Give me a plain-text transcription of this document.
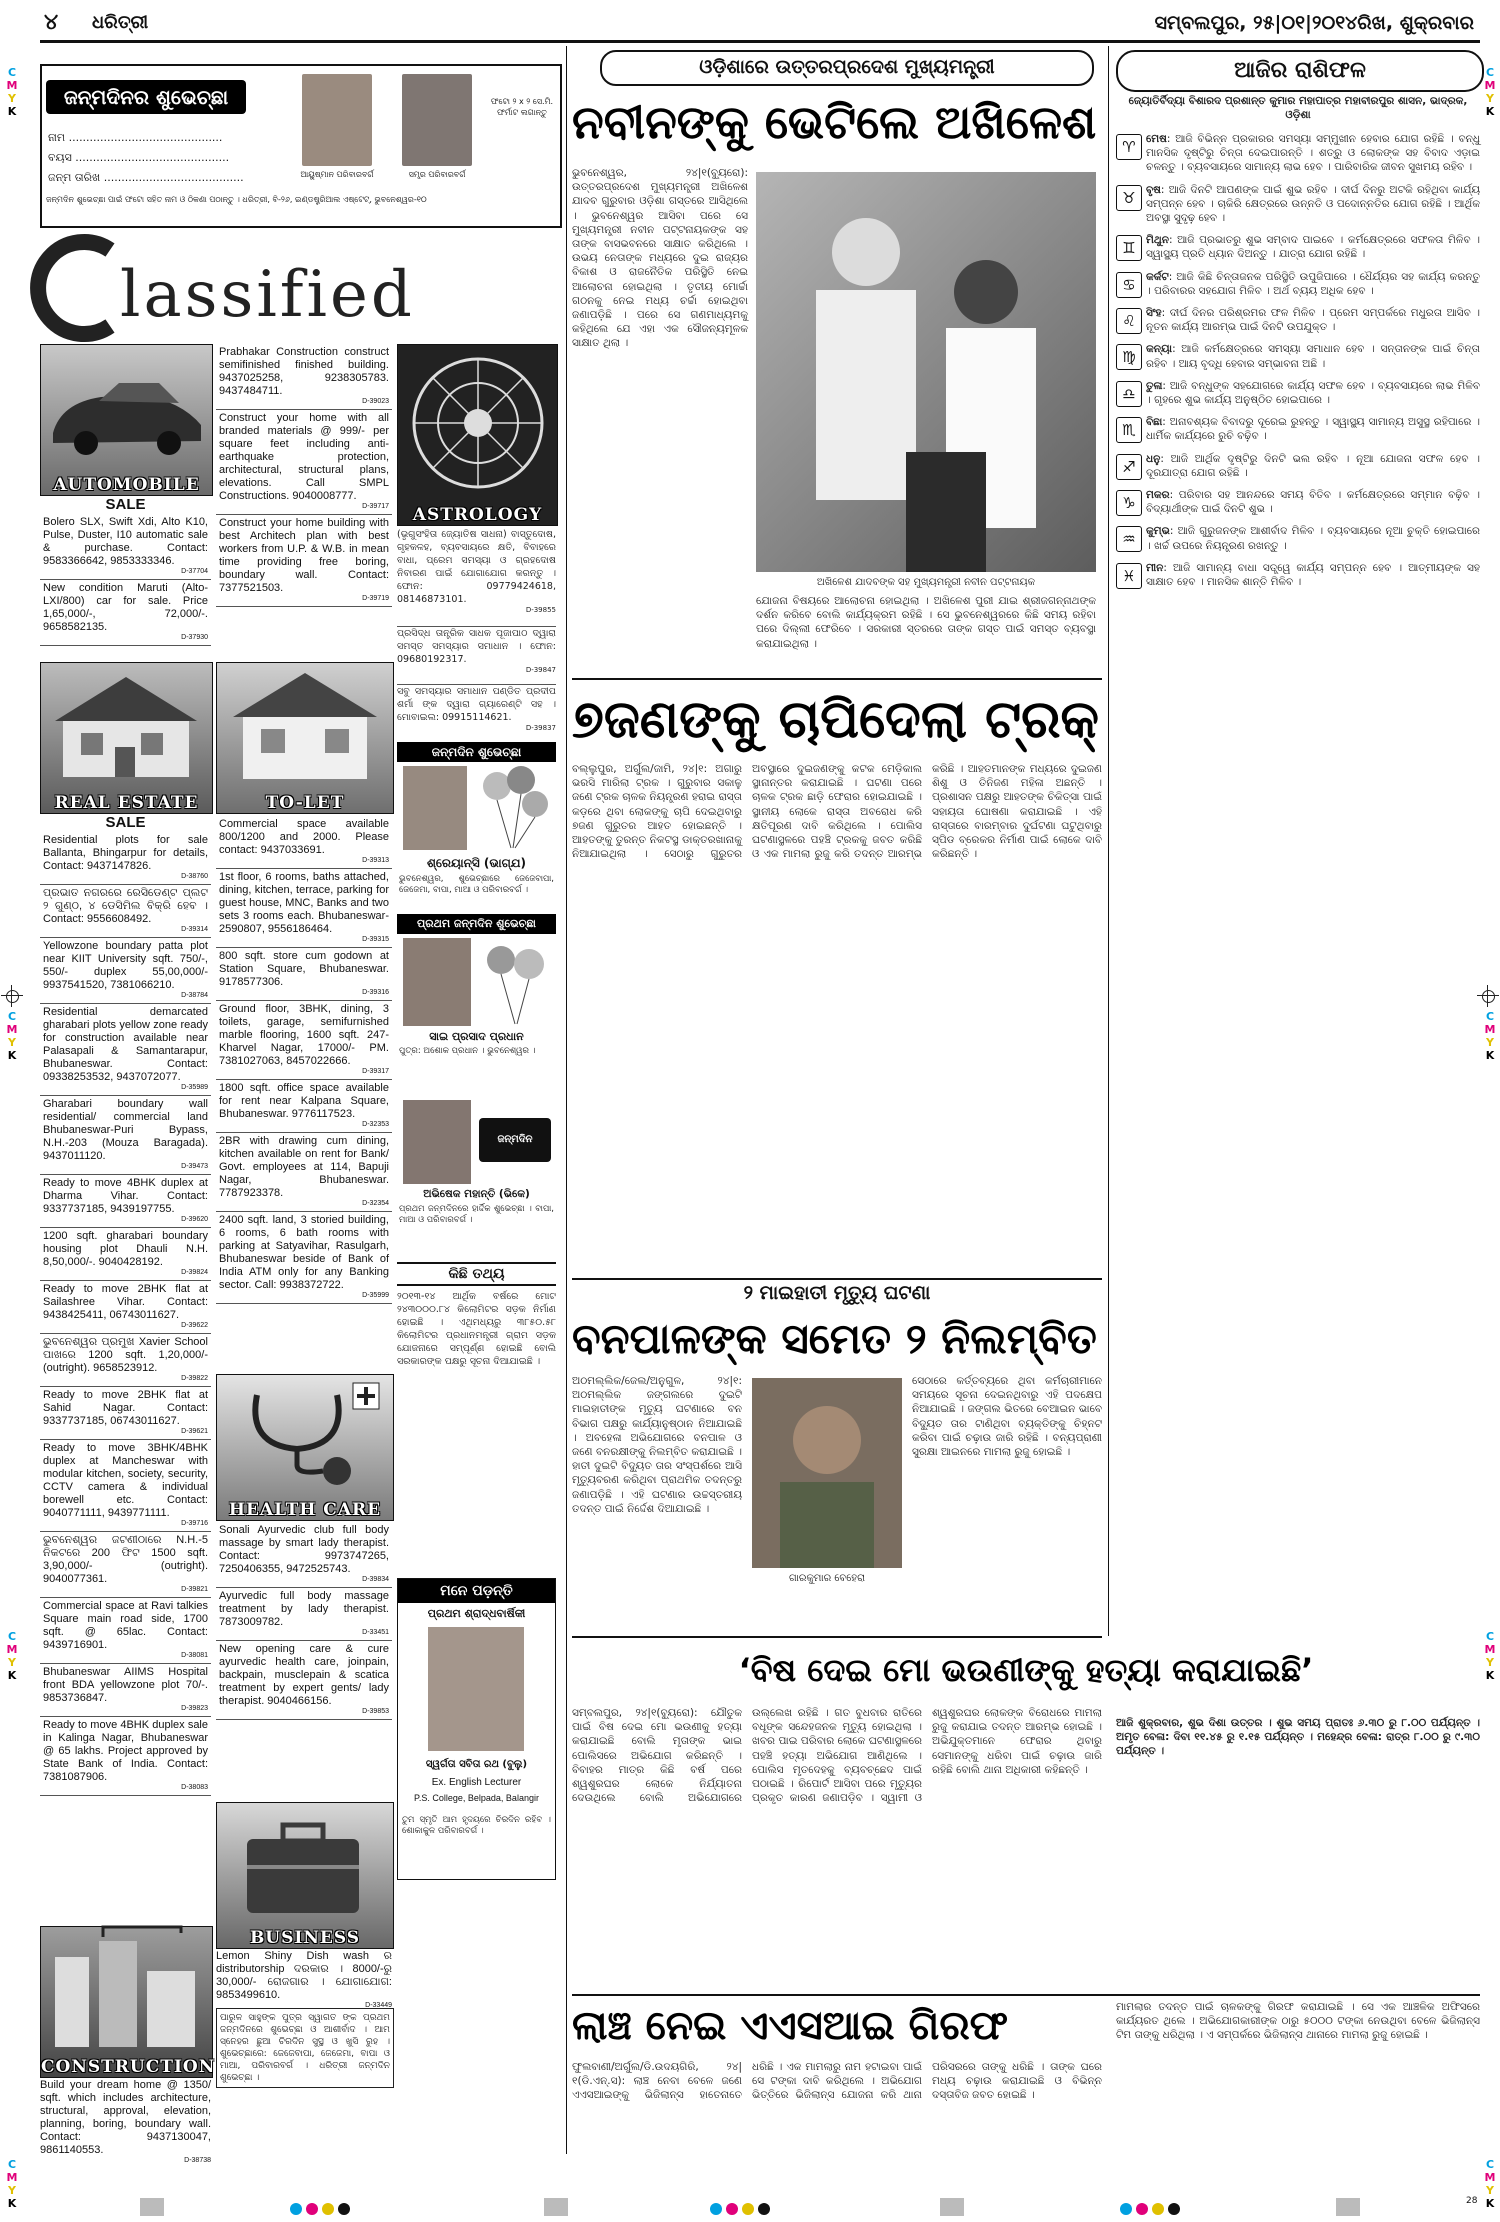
C
M
Y
K
C
M
Y
K
C
M
Y
K
C
M
Y
K
C
M
Y
K
C
M
Y
K
C
M
Y
K
C
M
Y
K
୪ ଧରିତ୍ରୀ	ସମ୍ବଲପୁର, ୨୫|୦୧|୨୦୧୪ରିଖ, ଶୁକ୍ରବାର
ଜନ୍ମଦିନର ଶୁଭେଚ୍ଛା
ନାମ ............................................
ବୟସ ............................................
ଜନ୍ମ ତାରିଖ ........................................	ଆୟୁଷ୍ମାନ ପରିବାରବର୍ଗ	ସମ୍ବ୍ର ପରିବାରବର୍ଗ
ଫଟୋ ୨ x ୨ ସେ.ମି. ଫର୍ମାଟ ଲଗାନ୍ତୁ
ଜନ୍ମଦିନ ଶୁଭେଚ୍ଛା ପାଇଁ ଫଟୋ ସହିତ ନାମ ଓ ଠିକଣା ପଠାନ୍ତୁ । ଧରିତ୍ରୀ, ବି-୨୬, ଇଣ୍ଡଷ୍ଟ୍ରିଆଲ ଏଷ୍ଟେଟ୍, ଭୁବନେଶ୍ୱର-୧୦
lassified
AUTOMOBILE
SALE
Bolero SLX, Swift Xdi, Alto K10, Pulse, Duster, I10 automatic sale & purchase. Contact: 9583366642, 9853333346.
D-37704
New condition Maruti (Alto-LXI/800) car for sale. Price 1,65,000/-, 72,000/-. 9658582135.
D-37930
REAL ESTATE
SALE
Residential plots for sale Ballanta, Bhingarpur for details, Contact: 9437147826.
D-38760
ପ୍ରଭାତ ନଗରରେ ରେସିଡେଣ୍ଟ ପ୍ଲଟ ୨ ଗୁଣ୍ଠ, ୪ ଡେସିମିଲ ବିକ୍ରି ହେବ । Contact: 9556608492.
D-39314
Yellowzone boundary patta plot near KIIT University sqft. 750/-, 550/- duplex 55,00,000/- 9937541520, 7381066210.
D-38784
Residential demarcated gharabari plots yellow zone ready for construction available near Palasapali & Samantarapur, Bhubaneswar. Contact: 09338253532, 9437072077.
D-35989
Gharabari boundary wall residential/ commercial land Bhubaneswar-Puri Bypass, N.H.-203 (Mouza Baragada). 9437011120.
D-39473
Ready to move 4BHK duplex at Dharma Vihar. Contact: 9337737185, 9439197755.
D-39620
1200 sqft. gharabari boundary housing plot Dhauli N.H. 8,50,000/-. 9040428192.
D-39824
Ready to move 2BHK flat at Sailashree Vihar. Contact: 9438425411, 06743011627.
D-39622
ଭୁବନେଶ୍ୱର ପ୍ରମୁଖ Xavier School ପାଖରେ 1200 sqft. 1,20,000/- (outright). 9658523912.
D-39822
Ready to move 2BHK flat at Sahid Nagar. Contact: 9337737185, 06743011627.
D-39621
Ready to move 3BHK/4BHK duplex at Mancheswar with modular kitchen, society, security, CCTV camera & individual borewell etc. Contact: 9040771111, 9439771111.
D-39716
ଭୁବନେଶ୍ୱର ଜଟଣୀଠାରେ N.H.-5 ନିକଟରେ 200 ଫିଟ 1500 sqft. 3,90,000/- (outright). 9040077361.
D-39821
Commercial space at Ravi talkies Square main road side, 1700 sqft. @ 65lac. Contact: 9439716901.
D-38081
Bhubaneswar AIIMS Hospital front BDA yellowzone plot 70/-. 9853736847.
D-39823
Ready to move 4BHK duplex sale in Kalinga Nagar, Bhubaneswar @ 65 lakhs. Project approved by State Bank of India. Contact: 7381087906.
D-38083
CONSTRUCTION
Build your dream home @ 1350/ sqft. which includes architecture, structural, approval, elevation, planning, boring, boundary wall. Contact: 9437130047, 9861140553.
D-38738
Prabhakar Construction construct semifinished finished building. 9437025258, 9238305783. 9437484711.
D-39023
Construct your home with all branded materials @ 999/- per square feet including anti- earthquake protection, architectural, structural plans, elevations. Call SMPL Constructions. 9040008777.
D-39717
Construct your home building with best Architech plan with best workers from U.P. & W.B. in mean time providing free boring, boundary wall. Contact: 7377521503.
D-39719
TO-LET
Commercial space available 800/1200 and 2000. Please contact: 9437033691.
D-39313
1st floor, 6 rooms, baths attached, dining, kitchen, terrace, parking for guest house, MNC, Banks and two sets 3 rooms each. Bhubaneswar-2590807, 9556186464.
D-39315
800 sqft. store cum godown at Station Square, Bhubaneswar. 9178577306.
D-39316
Ground floor, 3BHK, dining, 3 toilets, garage, semifurnished marble flooring, 1600 sqft. 247-Kharvel Nagar, 17000/- PM. 7381027063, 8457022666.
D-39317
1800 sqft. office space available for rent near Kalpana Square, Bhubaneswar. 9776117523.
D-32353
2BR with drawing cum dining, kitchen available on rent for Bank/ Govt. employees at 114, Bapuji Nagar, Bhubaneswar. 7787923378.
D-32354
2400 sqft. land, 3 storied building, 6 rooms, 6 bath rooms with parking at Satyavihar, Rasulgarh, Bhubaneswar beside of Bank of India ATM only for any Banking sector. Call: 9938372722.
D-35999
HEALTH CARE
Sonali Ayurvedic club full body massage by smart lady therapist. Contact: 9973747265, 7250406355, 9472525743.
D-39834
Ayurvedic full body massage treatment by lady therapist. 7873009782.
D-33451
New opening care & cure ayurvedic health care, joinpain, backpain, musclepain & scatica treatment by expert gents/ lady therapist. 9040466156.
D-39853
BUSINESS
Lemon Shiny Dish wash ର distributorship ଦରକାର । 8000/-ରୁ 30,000/- ରୋଜଗାର । ଯୋଗାଯୋଗ: 9853499610.
D-33449
ପାରୁଳ ସାହୁଙ୍କ ପୁତ୍ର ସ୍ୱାଗତ ଙ୍କ ପ୍ରଥମ ଜନ୍ମଦିନରେ ଶୁଭେଚ୍ଛା ଓ ଆଶୀର୍ବାଦ । ଆମ ସ୍ନେହର ଛୁଆ ଚିରଦିନ ସୁସ୍ଥ ଓ ଖୁସି ରୁହ । ଶୁଭେଚ୍ଛାରେ: ଜେଜେବାପା, ଜେଜେମା, ବାପା ଓ ମାଆ, ପରିବାରବର୍ଗ । ଧରିତ୍ରୀ ଜନ୍ମଦିନ ଶୁଭେଚ୍ଛା ।
ASTROLOGY
(ଭୃଗୁସଂହିତା ଜ୍ୟୋତିଷ ସାଧନା) ବାସ୍ତୁଦୋଷ, ଗୃହକଳହ, ବ୍ୟବସାୟରେ କ୍ଷତି, ବିବାହରେ ବାଧା, ପ୍ରେମ ସମସ୍ୟା ଓ ଗ୍ରହଦୋଷ ନିବାରଣ ପାଇଁ ଯୋଗାଯୋଗ କରନ୍ତୁ । ଫୋନ: 09779424618, 08146873101.
D-39855
ପ୍ରସିଦ୍ଧ ତାନ୍ତ୍ରିକ ସାଧକ ପୂଜାପାଠ ଦ୍ୱାରା ସମସ୍ତ ସମସ୍ୟାର ସମାଧାନ । ଫୋନ: 09680192317.
D-39847
ସବୁ ସମସ୍ୟାର ସମାଧାନ ପଣ୍ଡିତ ପ୍ରଦୀପ ଶର୍ମା ଙ୍କ ଦ୍ୱାରା ଗ୍ୟାରେଣ୍ଟି ସହ । ମୋବାଇଲ: 09915114621.
D-39837
ଜନ୍ମଦିନ ଶୁଭେଚ୍ଛା
ଶ୍ରେୟାନ୍ସି (ଭାଗ୍ଯ)
ଭୁବନେଶ୍ୱର, ଶୁଭେଚ୍ଛାରେ ଜେଜେବାପା, ଜେଜେମା, ବାପା, ମାଆ ଓ ପରିବାରବର୍ଗ ।
ପ୍ରଥମ ଜନ୍ମଦିନ ଶୁଭେଚ୍ଛା
ସାଇ ପ୍ରସାଦ ପ୍ରଧାନ
ପୁତ୍ର: ଅଶୋକ ପ୍ରଧାନ । ଭୁବନେଶ୍ୱର ।
ଜନ୍ମଦିନ ଶୁଭେଚ୍ଛା
ଅଭିଷେକ ମହାନ୍ତି (ଭିକେ)
ପ୍ରଥମ ଜନ୍ମଦିନରେ ହାର୍ଦ୍ଦିକ ଶୁଭେଚ୍ଛା । ବାପା, ମାଆ ଓ ପରିବାରବର୍ଗ ।
କିଛି ତଥ୍ୟ
୨୦୧୩-୧୪ ଆର୍ଥିକ ବର୍ଷରେ ମୋଟ ୨୪୩୦୦୦.୮୪ କିଲୋମିଟର ସଡ଼କ ନିର୍ମାଣ ହୋଇଛି । ଏଥିମଧ୍ୟରୁ ୩୮୫୦.୫୮ କିଲୋମିଟର ପ୍ରଧାନମନ୍ତ୍ରୀ ଗ୍ରାମ ସଡ଼କ ଯୋଜନାରେ ସମ୍ପୂର୍ଣ୍ଣ ହୋଇଛି ବୋଲି ସରକାରଙ୍କ ପକ୍ଷରୁ ସୂଚନା ଦିଆଯାଇଛି ।
ମନେ ପଡ଼ନ୍ତି
ପ୍ରଥମ ଶ୍ରାଦ୍ଧବାର୍ଷିକୀ
ସ୍ୱର୍ଗତା ସବିତା ରଥ (ବୁଲୁ)
Ex. English Lecturer
P.S. College, Belpada, Balangir
ତୁମ ସ୍ମୃତି ଆମ ହୃଦୟରେ ଚିରଦିନ ରହିବ । ଶୋକାକୁଳ ପରିବାରବର୍ଗ ।
ଓଡ଼ିଶାରେ ଉତ୍ତରପ୍ରଦେଶ ମୁଖ୍ୟମନ୍ତ୍ରୀ
ନବୀନଙ୍କୁ ଭେଟିଲେ ଅଖିଳେଶ
ଭୁବନେଶ୍ୱର, ୨୪|୧(ବ୍ୟୁରୋ): ଉତ୍ତରପ୍ରଦେଶ ମୁଖ୍ୟମନ୍ତ୍ରୀ ଅଖିଳେଶ ଯାଦବ ଗୁରୁବାର ଓଡ଼ିଶା ଗସ୍ତରେ ଆସିଥିଲେ । ଭୁବନେଶ୍ୱର ଆସିବା ପରେ ସେ ମୁଖ୍ୟମନ୍ତ୍ରୀ ନବୀନ ପଟ୍ଟନାୟକଙ୍କ ସହ ତାଙ୍କ ବାସଭବନରେ ସାକ୍ଷାତ କରିଥିଲେ । ଉଭୟ ନେତାଙ୍କ ମଧ୍ୟରେ ଦୁଇ ରାଜ୍ୟର ବିକାଶ ଓ ରାଜନୈତିକ ପରିସ୍ଥିତି ନେଇ ଆଲୋଚନା ହୋଇଥିଲା । ତୃତୀୟ ମୋର୍ଚ୍ଚା ଗଠନକୁ ନେଇ ମଧ୍ୟ ଚର୍ଚ୍ଚା ହୋଇଥିବା ଜଣାପଡ଼ିଛି । ପରେ ସେ ଗଣମାଧ୍ୟମକୁ କହିଥିଲେ ଯେ ଏହା ଏକ ସୌଜନ୍ୟମୂଳକ ସାକ୍ଷାତ ଥିଲା ।
ଅଖିଳେଶ ଯାଦବଙ୍କ ସହ ମୁଖ୍ୟମନ୍ତ୍ରୀ ନବୀନ ପଟ୍ଟନାୟକ
ଯୋଜନା ବିଷୟରେ ଆଲୋଚନା ହୋଇଥିଲା । ଅଖିଳେଶ ପୁରୀ ଯାଇ ଶ୍ରୀଜଗନ୍ନାଥଙ୍କ ଦର୍ଶନ କରିବେ ବୋଲି କାର୍ଯ୍ୟକ୍ରମ ରହିଛି । ସେ ଭୁବନେଶ୍ୱରରେ କିଛି ସମୟ ରହିବା ପରେ ଦିଲ୍ଲୀ ଫେରିବେ । ସରକାରୀ ସ୍ତରରେ ତାଙ୍କ ଗସ୍ତ ପାଇଁ ସମସ୍ତ ବ୍ୟବସ୍ଥା କରାଯାଇଥିଲା ।
୭ଜଣଙ୍କୁ ଚାପିଦେଲା ଟ୍ରକ୍
ବଲ୍ଲୁପୁର, ଅର୍ଗୁଲ/ଜାମି, ୨୪|୧: ଅଗାରୁ ଭରସି ମାରିଲା ଟ୍ରକ । ଗୁରୁବାର ସକାଳୁ ଜଣେ ଟ୍ରକ ଚାଳକ ନିୟନ୍ତ୍ରଣ ହରାଇ ରାସ୍ତା କଡ଼ରେ ଥିବା ଲୋକଙ୍କୁ ଚାପି ଦେଇଥିବାରୁ ୭ଜଣ ଗୁରୁତର ଆହତ ହୋଇଛନ୍ତି । ଆହତଙ୍କୁ ତୁରନ୍ତ ନିକଟସ୍ଥ ଡାକ୍ତରଖାନାକୁ ନିଆଯାଇଥିଲା । ସେଠାରୁ ଗୁରୁତର ଅବସ୍ଥାରେ ଦୁଇଜଣଙ୍କୁ କଟକ ମେଡ଼ିକାଲ ସ୍ଥାନାନ୍ତର କରାଯାଇଛି । ଘଟଣା ପରେ ଚାଳକ ଟ୍ରକ ଛାଡ଼ି ଫେରାର ହୋଇଯାଇଛି । ସ୍ଥାନୀୟ ଲୋକେ ରାସ୍ତା ଅବରୋଧ କରି କ୍ଷତିପୂରଣ ଦାବି କରିଥିଲେ । ପୋଲିସ ଘଟଣାସ୍ଥଳରେ ପହଞ୍ଚି ଟ୍ରକକୁ ଜବତ କରିଛି ଓ ଏକ ମାମଲା ରୁଜୁ କରି ତଦନ୍ତ ଆରମ୍ଭ କରିଛି । ଆହତମାନଙ୍କ ମଧ୍ୟରେ ଦୁଇଜଣ ଶିଶୁ ଓ ତିନିଜଣ ମହିଳା ଅଛନ୍ତି । ପ୍ରଶାସନ ପକ୍ଷରୁ ଆହତଙ୍କ ଚିକିତ୍ସା ପାଇଁ ସହାୟତା ଘୋଷଣା କରାଯାଇଛି । ଏହି ରାସ୍ତାରେ ବାରମ୍ବାର ଦୁର୍ଘଟଣା ଘଟୁଥିବାରୁ ସ୍ପିଡ ବ୍ରେକର ନିର୍ମାଣ ପାଇଁ ଲୋକେ ଦାବି କରିଛନ୍ତି ।
୨ ମାଇହାତୀ ମୃତ୍ୟୁ ଘଟଣା
ବନପାଳଙ୍କ ସମେତ ୨ ନିଲମ୍ବିତ
ଅଠମଲ୍ଲିକ/ଜେଲ/ଅନୁଗୁଳ, ୨୪|୧: ଅଠମଲ୍ଲିକ ଜଙ୍ଗଲରେ ଦୁଇଟି ମାଇହାତୀଙ୍କ ମୃତ୍ୟୁ ଘଟଣାରେ ବନ ବିଭାଗ ପକ୍ଷରୁ କାର୍ଯ୍ୟାନୁଷ୍ଠାନ ନିଆଯାଇଛି । ଅବହେଳା ଅଭିଯୋଗରେ ବନପାଳ ଓ ଜଣେ ବନରକ୍ଷୀଙ୍କୁ ନିଲମ୍ବିତ କରାଯାଇଛି । ହାତୀ ଦୁଇଟି ବିଦ୍ୟୁତ ତାର ସଂସ୍ପର୍ଶରେ ଆସି ମୃତ୍ୟୁବରଣ କରିଥିବା ପ୍ରାଥମିକ ତଦନ୍ତରୁ ଜଣାପଡ଼ିଛି । ଏହି ଘଟଣାର ଉଚ୍ଚସ୍ତରୀୟ ତଦନ୍ତ ପାଇଁ ନିର୍ଦ୍ଦେଶ ଦିଆଯାଇଛି ।
ଗାରକୁମାର ବେହେରା
ସେଠାରେ କର୍ତ୍ତବ୍ୟରେ ଥିବା କର୍ମଚାରୀମାନେ ସମୟରେ ସୂଚନା ଦେଇନଥିବାରୁ ଏହି ପଦକ୍ଷେପ ନିଆଯାଇଛି । ଜଙ୍ଗଲ ଭିତରେ ବେଆଇନ ଭାବେ ବିଦ୍ୟୁତ ତାର ଟାଣିଥିବା ବ୍ୟକ୍ତିଙ୍କୁ ଚିହ୍ନଟ କରିବା ପାଇଁ ଚଢ଼ାଉ ଜାରି ରହିଛି । ବନ୍ୟପ୍ରାଣୀ ସୁରକ୍ଷା ଆଇନରେ ମାମଲା ରୁଜୁ ହୋଇଛି ।
‘ବିଷ ଦେଇ ମୋ ଭଉଣୀଙ୍କୁ ହତ୍ୟା କରାଯାଇଛି’
ସମ୍ବଲପୁର, ୨୪|୧(ବ୍ୟୁରୋ): ଯୌତୁକ ପାଇଁ ବିଷ ଦେଇ ମୋ ଭଉଣୀକୁ ହତ୍ୟା କରାଯାଇଛି ବୋଲି ମୃତାଙ୍କ ଭାଇ ପୋଲିସରେ ଅଭିଯୋଗ କରିଛନ୍ତି । ବିବାହର ମାତ୍ର କିଛି ବର୍ଷ ପରେ ଶ୍ୱଶୁରଘର ଲୋକେ ନିର୍ଯ୍ୟାତନା ଦେଉଥିଲେ ବୋଲି ଅଭିଯୋଗରେ ଉଲ୍ଲେଖ ରହିଛି । ଗତ ବୁଧବାର ରାତିରେ ବଧୂଙ୍କ ସନ୍ଦେହଜନକ ମୃତ୍ୟୁ ହୋଇଥିଲା । ଖବର ପାଇ ପରିବାର ଲୋକେ ଘଟଣାସ୍ଥଳରେ ପହଞ୍ଚି ହତ୍ୟା ଅଭିଯୋଗ ଆଣିଥିଲେ । ପୋଲିସ ମୃତଦେହକୁ ବ୍ୟବଚ୍ଛେଦ ପାଇଁ ପଠାଇଛି । ରିପୋର୍ଟ ଆସିବା ପରେ ମୃତ୍ୟୁର ପ୍ରକୃତ କାରଣ ଜଣାପଡ଼ିବ । ସ୍ୱାମୀ ଓ ଶ୍ୱଶୁରଘର ଲୋକଙ୍କ ବିରୋଧରେ ମାମଲା ରୁଜୁ କରାଯାଇ ତଦନ୍ତ ଆରମ୍ଭ ହୋଇଛି । ଅଭିଯୁକ୍ତମାନେ ଫେରାର ଥିବାରୁ ସେମାନଙ୍କୁ ଧରିବା ପାଇଁ ଚଢ଼ାଉ ଜାରି ରହିଛି ବୋଲି ଥାନା ଅଧିକାରୀ କହିଛନ୍ତି ।
ଲାଞ୍ଚ ନେଇ ଏଏସଆଇ ଗିରଫ
ଫୁଲବାଣୀ/ଅର୍ଗୁଲ/ଡି.ଉଦୟଗିରି, ୨୪|୧(ଡି.ଏନ୍.ସ): ଲାଞ୍ଚ ନେବା ବେଳେ ଜଣେ ଏଏସଆଇଙ୍କୁ ଭିଜିଲାନ୍ସ ହାତେନାତେ ଧରିଛି । ଏକ ମାମଲାରୁ ନାମ ହଟାଇବା ପାଇଁ ସେ ଟଙ୍କା ଦାବି କରିଥିଲେ । ଅଭିଯୋଗ ଭିତ୍ତିରେ ଭିଜିଲାନ୍ସ ଯୋଜନା କରି ଥାନା ପରିସରରେ ତାଙ୍କୁ ଧରିଛି । ତାଙ୍କ ଘରେ ମଧ୍ୟ ଚଢ଼ାଉ କରାଯାଇଛି ଓ ବିଭିନ୍ନ ଦସ୍ତାବିଜ ଜବତ ହୋଇଛି ।
ଆଜିର ରାଶିଫଳ
ଜ୍ୟୋତିର୍ବିଦ୍ୟା ବିଶାରଦ ପ୍ରଶାନ୍ତ କୁମାର ମହାପାତ୍ର ମହାବୀରପୁର ଶାସନ, ଭାଦ୍ରକ, ଓଡ଼ିଶା
♈ ମେଷ: ଆଜି ବିଭିନ୍ନ ପ୍ରକାରର ସମସ୍ୟା ସମ୍ମୁଖୀନ ହେବାର ଯୋଗ ରହିଛି । ବନ୍ଧୁ ମାନସିକ ଦୃଷ୍ଟିରୁ ଚିନ୍ତା ଦେଇପାରନ୍ତି । ଶତ୍ରୁ ଓ ଲୋକଙ୍କ ସହ ବିବାଦ ଏଡ଼ାଇ ଚଳନ୍ତୁ । ବ୍ୟବସାୟରେ ସାମାନ୍ୟ ଲାଭ ହେବ । ପାରିବାରିକ ଜୀବନ ସୁଖମୟ ରହିବ ।
♉ ବୃଷ: ଆଜି ଦିନଟି ଆପଣଙ୍କ ପାଇଁ ଶୁଭ ରହିବ । ଦୀର୍ଘ ଦିନରୁ ଅଟକି ରହିଥିବା କାର୍ଯ୍ୟ ସମ୍ପନ୍ନ ହେବ । ଚାକିରି କ୍ଷେତ୍ରରେ ଉନ୍ନତି ଓ ପଦୋନ୍ନତିର ଯୋଗ ରହିଛି । ଆର୍ଥିକ ଅବସ୍ଥା ସୁଦୃଢ଼ ହେବ ।
♊ ମିଥୁନ: ଆଜି ପ୍ରଭାତରୁ ଶୁଭ ସମ୍ବାଦ ପାଇବେ । କର୍ମକ୍ଷେତ୍ରରେ ସଫଳତା ମିଳିବ । ସ୍ୱାସ୍ଥ୍ୟ ପ୍ରତି ଧ୍ୟାନ ଦିଅନ୍ତୁ । ଯାତ୍ରା ଯୋଗ ରହିଛି ।
♋ କର୍କଟ: ଆଜି କିଛି ଚିନ୍ତାଜନକ ପରିସ୍ଥିତି ଉପୁଜିପାରେ । ଧୈର୍ଯ୍ୟର ସହ କାର୍ଯ୍ୟ କରନ୍ତୁ । ପରିବାରର ସହଯୋଗ ମିଳିବ । ଅର୍ଥ ବ୍ୟୟ ଅଧିକ ହେବ ।
♌ ସିଂହ: ଦୀର୍ଘ ଦିନର ପରିଶ୍ରମର ଫଳ ମିଳିବ । ପ୍ରେମ ସମ୍ପର୍କରେ ମଧୁରତା ଆସିବ । ନୂତନ କାର୍ଯ୍ୟ ଆରମ୍ଭ ପାଇଁ ଦିନଟି ଉପଯୁକ୍ତ ।
♍ କନ୍ୟା: ଆଜି କର୍ମକ୍ଷେତ୍ରରେ ସମସ୍ୟା ସମାଧାନ ହେବ । ସନ୍ତାନଙ୍କ ପାଇଁ ଚିନ୍ତା ରହିବ । ଆୟ ବୃଦ୍ଧି ହେବାର ସମ୍ଭାବନା ଅଛି ।
♎ ତୁଳା: ଆଜି ବନ୍ଧୁଙ୍କ ସହଯୋଗରେ କାର୍ଯ୍ୟ ସଫଳ ହେବ । ବ୍ୟବସାୟରେ ଲାଭ ମିଳିବ । ଗୃହରେ ଶୁଭ କାର୍ଯ୍ୟ ଅନୁଷ୍ଠିତ ହୋଇପାରେ ।
♏ ବିଛା: ଅନାବଶ୍ୟକ ବିବାଦରୁ ଦୂରେଇ ରୁହନ୍ତୁ । ସ୍ୱାସ୍ଥ୍ୟ ସାମାନ୍ୟ ଅସୁସ୍ଥ ରହିପାରେ । ଧାର୍ମିକ କାର୍ଯ୍ୟରେ ରୁଚି ବଢ଼ିବ ।
♐ ଧନୁ: ଆଜି ଆର୍ଥିକ ଦୃଷ୍ଟିରୁ ଦିନଟି ଭଲ ରହିବ । ନୂଆ ଯୋଜନା ସଫଳ ହେବ । ଦୂରଯାତ୍ରା ଯୋଗ ରହିଛି ।
♑ ମକର: ପରିବାର ସହ ଆନନ୍ଦରେ ସମୟ ବିତିବ । କର୍ମକ୍ଷେତ୍ରରେ ସମ୍ମାନ ବଢ଼ିବ । ବିଦ୍ୟାର୍ଥୀଙ୍କ ପାଇଁ ଦିନଟି ଶୁଭ ।
♒ କୁମ୍ଭ: ଆଜି ଗୁରୁଜନଙ୍କ ଆଶୀର୍ବାଦ ମିଳିବ । ବ୍ୟବସାୟରେ ନୂଆ ଚୁକ୍ତି ହୋଇପାରେ । ଖର୍ଚ୍ଚ ଉପରେ ନିୟନ୍ତ୍ରଣ ରଖନ୍ତୁ ।
♓ ମୀନ: ଆଜି ସାମାନ୍ୟ ବାଧା ସତ୍ତ୍ୱେ କାର୍ଯ୍ୟ ସମ୍ପନ୍ନ ହେବ । ଆତ୍ମୀୟଙ୍କ ସହ ସାକ୍ଷାତ ହେବ । ମାନସିକ ଶାନ୍ତି ମିଳିବ ।
ଆଜି ଶୁକ୍ରବାର, ଶୁଭ ଦିଶା ଉତ୍ତର । ଶୁଭ ସମୟ ପ୍ରାତଃ ୬.୩୦ ରୁ ୮.୦୦ ପର୍ଯ୍ୟନ୍ତ । ଅମୃତ ବେଳା: ଦିବା ୧୧.୪୫ ରୁ ୧.୧୫ ପର୍ଯ୍ୟନ୍ତ । ମହେନ୍ଦ୍ର ବେଳା: ରାତ୍ର ୮.୦୦ ରୁ ୯.୩୦ ପର୍ଯ୍ୟନ୍ତ ।
ମାମଲାର ତଦନ୍ତ ପାଇଁ ଚାଳକଙ୍କୁ ଗିରଫ କରାଯାଇଛି । ସେ ଏକ ଆଞ୍ଚଳିକ ଅଫିସରେ କାର୍ଯ୍ୟରତ ଥିଲେ । ଅଭିଯୋଗକାରୀଙ୍କ ଠାରୁ ୫୦୦୦ ଟଙ୍କା ନେଉଥିବା ବେଳେ ଭିଜିଲାନ୍ସ ଟିମ ତାଙ୍କୁ ଧରିଥିଲା । ଏ ସମ୍ପର୍କରେ ଭିଜିଲାନ୍ସ ଥାନାରେ ମାମଲା ରୁଜୁ ହୋଇଛି ।
28
